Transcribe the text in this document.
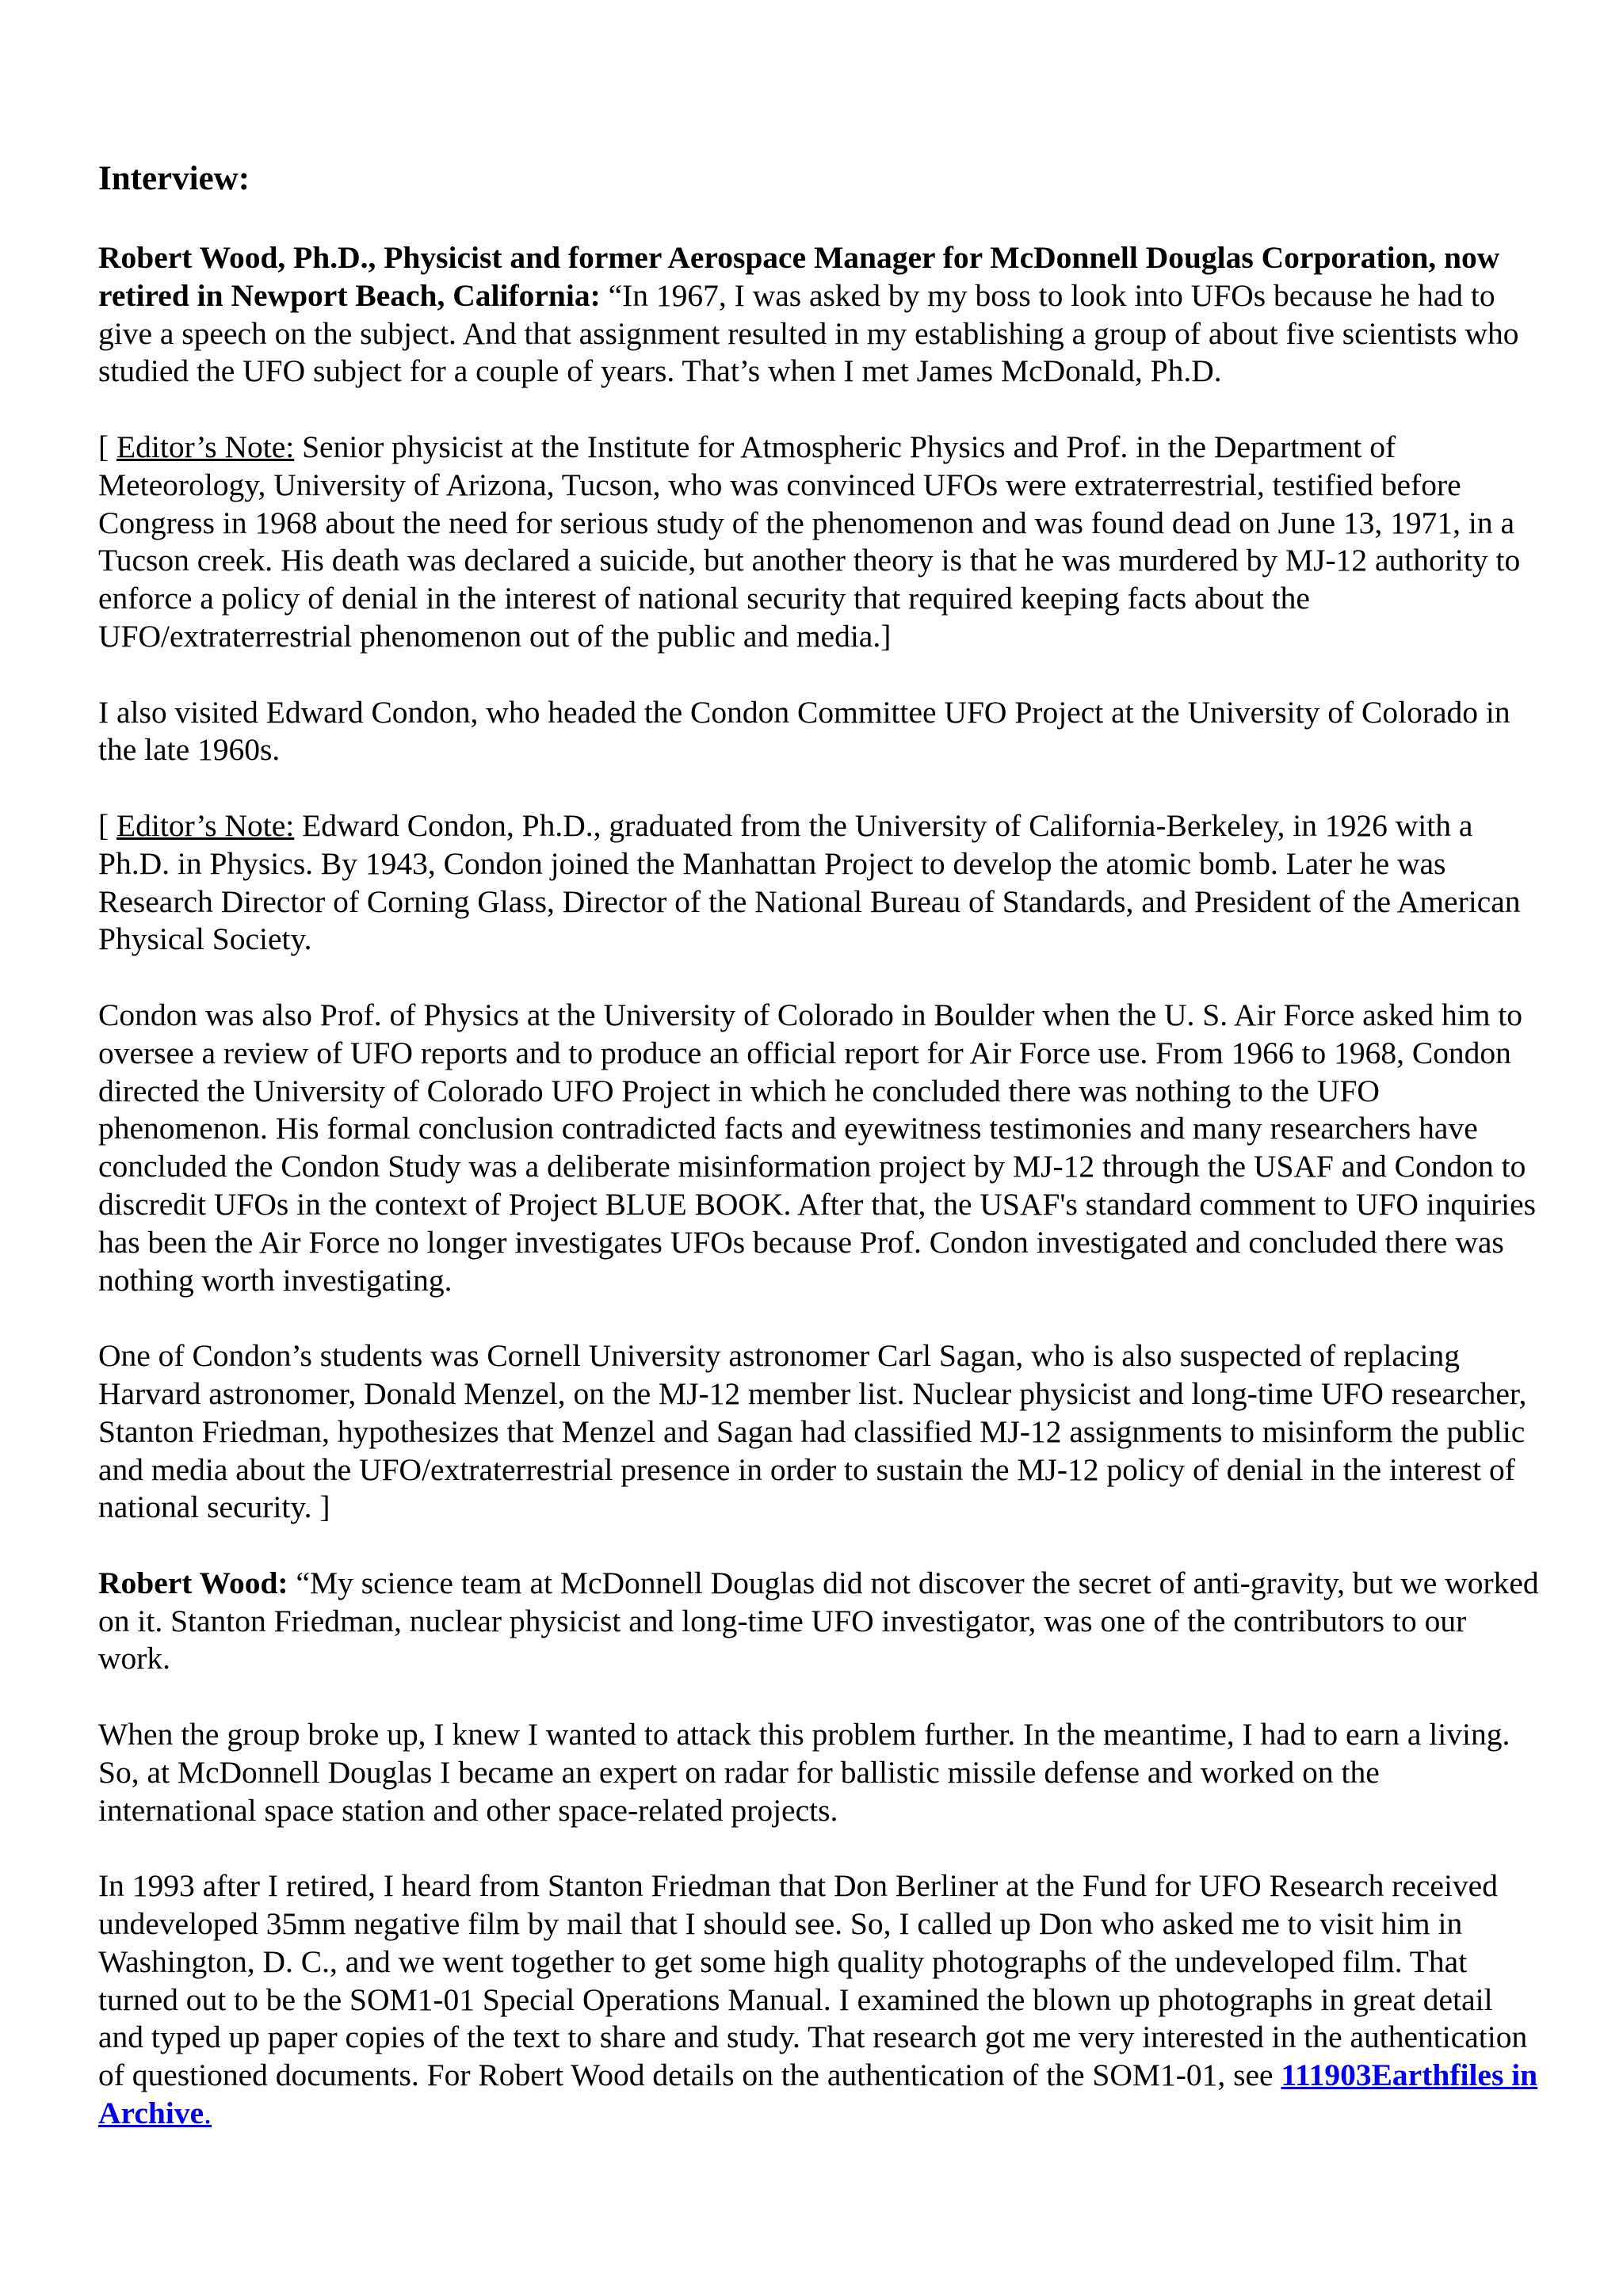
Interview:

Robert Wood, Ph.D., Physicist and former Aerospace Manager for McDonnell Douglas Corporation, now retired in Newport Beach, California: “In 1967, I was asked by my boss to look into UFOs because he had to give a speech on the subject. And that assignment resulted in my establishing a group of about five scientists who studied the UFO subject for a couple of years. That’s when I met James McDonald, Ph.D.

[ Editor’s Note: Senior physicist at the Institute for Atmospheric Physics and Prof. in the Department of Meteorology, University of Arizona, Tucson, who was convinced UFOs were extraterrestrial, testified before Congress in 1968 about the need for serious study of the phenomenon and was found dead on June 13, 1971, in a Tucson creek. His death was declared a suicide, but another theory is that he was murdered by MJ-12 authority to enforce a policy of denial in the interest of national security that required keeping facts about the UFO/extraterrestrial phenomenon out of the public and media.]

I also visited Edward Condon, who headed the Condon Committee UFO Project at the University of Colorado in the late 1960s.

[ Editor’s Note: Edward Condon, Ph.D., graduated from the University of California-Berkeley, in 1926 with a Ph.D. in Physics. By 1943, Condon joined the Manhattan Project to develop the atomic bomb. Later he was Research Director of Corning Glass, Director of the National Bureau of Standards, and President of the American Physical Society.

Condon was also Prof. of Physics at the University of Colorado in Boulder when the U. S. Air Force asked him to oversee a review of UFO reports and to produce an official report for Air Force use. From 1966 to 1968, Condon directed the University of Colorado UFO Project in which he concluded there was nothing to the UFO phenomenon. His formal conclusion contradicted facts and eyewitness testimonies and many researchers have concluded the Condon Study was a deliberate misinformation project by MJ-12 through the USAF and Condon to discredit UFOs in the context of Project BLUE BOOK. After that, the USAF's standard comment to UFO inquiries has been the Air Force no longer investigates UFOs because Prof. Condon investigated and concluded there was nothing worth investigating.

One of Condon’s students was Cornell University astronomer Carl Sagan, who is also suspected of replacing Harvard astronomer, Donald Menzel, on the MJ-12 member list. Nuclear physicist and long-time UFO researcher, Stanton Friedman, hypothesizes that Menzel and Sagan had classified MJ-12 assignments to misinform the public and media about the UFO/extraterrestrial presence in order to sustain the MJ-12 policy of denial in the interest of national security. ]

Robert Wood: “My science team at McDonnell Douglas did not discover the secret of anti-gravity, but we worked on it. Stanton Friedman, nuclear physicist and long-time UFO investigator, was one of the contributors to our work.

When the group broke up, I knew I wanted to attack this problem further. In the meantime, I had to earn a living. So, at McDonnell Douglas I became an expert on radar for ballistic missile defense and worked on the international space station and other space-related projects.

In 1993 after I retired, I heard from Stanton Friedman that Don Berliner at the Fund for UFO Research received undeveloped 35mm negative film by mail that I should see. So, I called up Don who asked me to visit him in Washington, D. C., and we went together to get some high quality photographs of the undeveloped film. That turned out to be the SOM1-01 Special Operations Manual. I examined the blown up photographs in great detail and typed up paper copies of the text to share and study. That research got me very interested in the authentication of questioned documents. For Robert Wood details on the authentication of the SOM1-01, see 111903Earthfiles in Archive.
